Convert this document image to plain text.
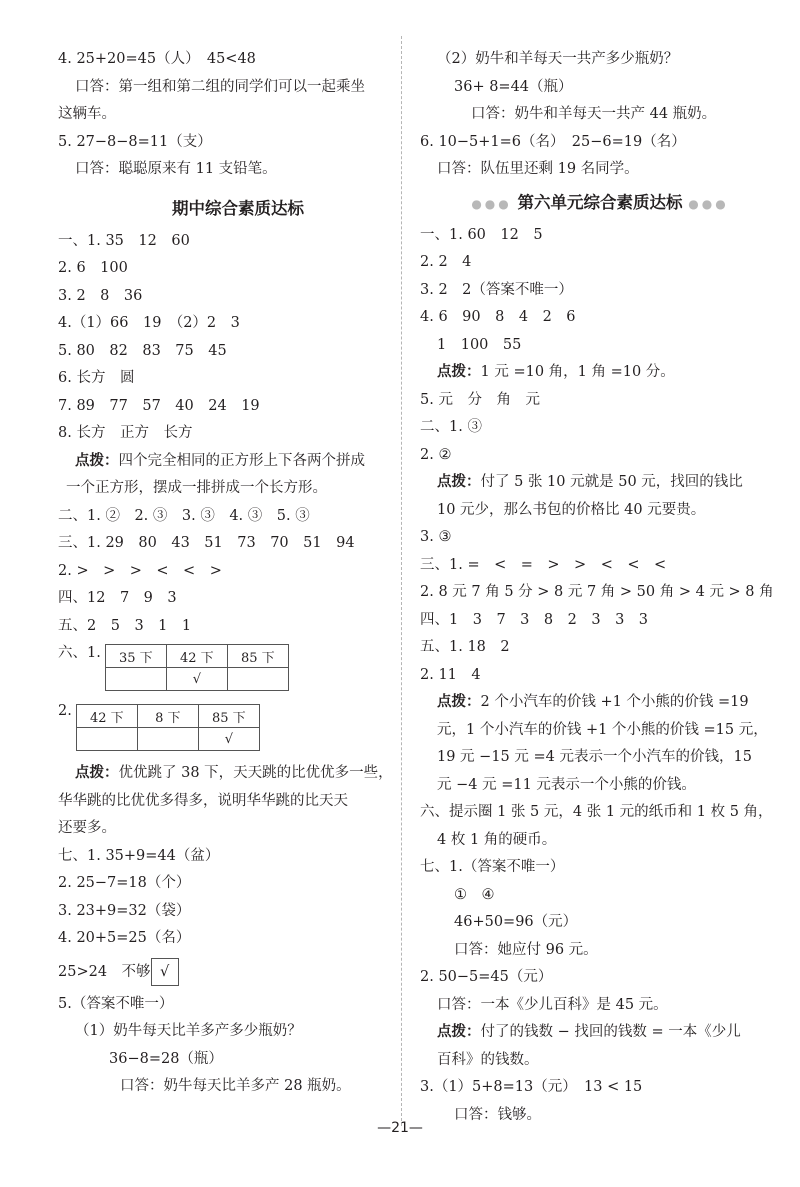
4. 25+20=45（人）　45<48
口答：第一组和第二组的同学们可以一起乘坐
这辆车。
5. 27−8−8=11（支）
口答：聪聪原来有 11 支铅笔。
期中综合素质达标
一、1. 35　12　60
2. 6　100
3. 2　8　36
4.（1）66　19　（2）2　3
5. 80　82　83　75　45
6. 长方　圆
7. 89　77　57　40　24　19
8. 长方　正方　长方
点拨：四个完全相同的正方形上下各两个拼成
一个正方形，摆成一排拼成一个长方形。
二、1. ②　2. ③　3. ③　4. ③　5. ③
三、1. 29　80　43　51　73　70　51　94
2. >　>　>　<　<　>
四、12　7　9　3
五、2　5　3　1　1
六、1. 35 下	42 下	85 下
	√	
2. 42 下	8 下	85 下
		√
点拨：优优跳了 38 下，天天跳的比优优多一些，
华华跳的比优优多得多，说明华华跳的比天天
还要多。
七、1. 35+9=44（盆）
2. 25−7=18（个）
3. 23+9=32（袋）
4. 20+5=25（名）
25>24　不够 √
5.（答案不唯一）
（1）奶牛每天比羊多产多少瓶奶？
36−8=28（瓶）
口答：奶牛每天比羊多产 28 瓶奶。
（2）奶牛和羊每天一共产多少瓶奶？
36+ 8=44（瓶）
口答：奶牛和羊每天一共产 44 瓶奶。
6. 10−5+1=6（名）　25−6=19（名）
口答：队伍里还剩 19 名同学。
●●● 第六单元综合素质达标 ●●●
一、1. 60　12　5
2. 2　4
3. 2　2（答案不唯一）
4. 6　90　8　4　2　6
1　100　55
点拨：1 元 =10 角，1 角 =10 分。
5. 元　分　角　元
二、1. ③
2. ②
点拨：付了 5 张 10 元就是 50 元，找回的钱比
10 元少，那么书包的价格比 40 元要贵。
3. ③
三、1. =　<　=　>　>　<　<　<
2. 8 元 7 角 5 分 > 8 元 7 角 > 50 角 > 4 元 > 8 角
四、1　3　7　3　8　2　3　3　3
五、1. 18　2
2. 11　4
点拨：2 个小汽车的价钱 +1 个小熊的价钱 =19
元，1 个小汽车的价钱 +1 个小熊的价钱 =15 元，
19 元 −15 元 =4 元表示一个小汽车的价钱，15
元 −4 元 =11 元表示一个小熊的价钱。
六、提示圈 1 张 5 元，4 张 1 元的纸币和 1 枚 5 角，
4 枚 1 角的硬币。
七、1.（答案不唯一）
①　④
46+50=96（元）
口答：她应付 96 元。
2. 50−5=45（元）
口答：一本《少儿百科》是 45 元。
点拨：付了的钱数 − 找回的钱数 = 一本《少儿
百科》的钱数。
3.（1）5+8=13（元）　13 < 15
口答：钱够。
—21—
